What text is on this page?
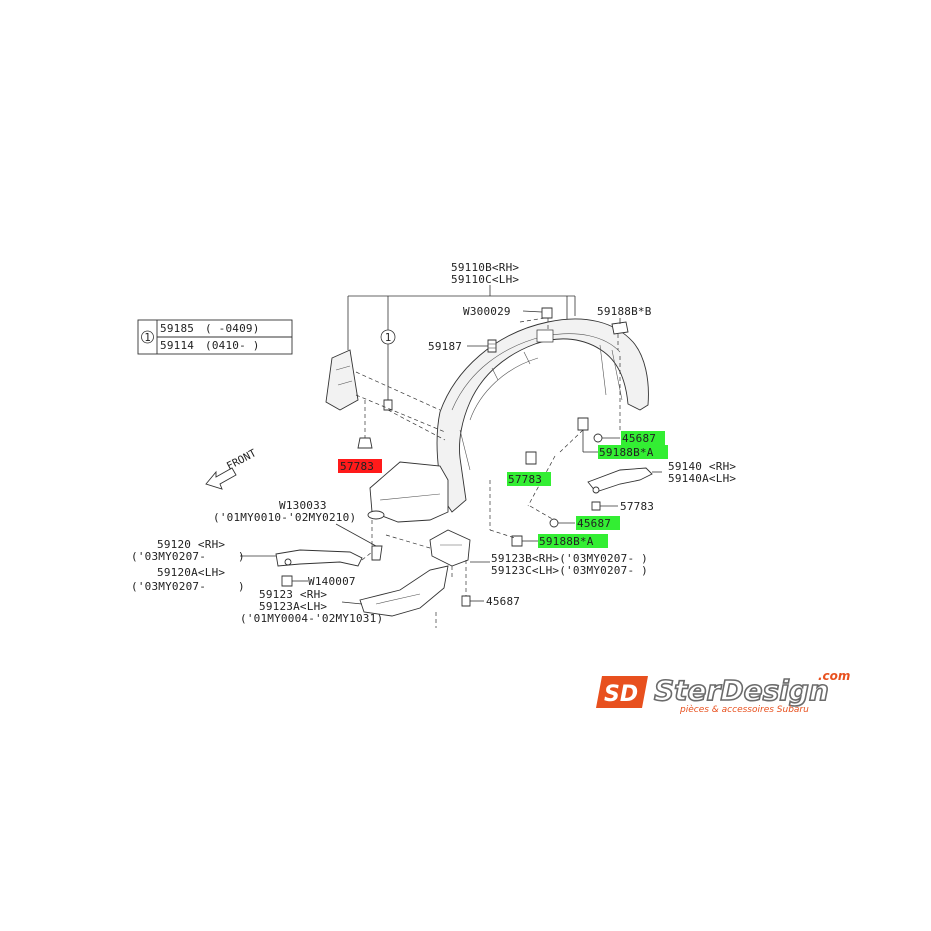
1
59185 ( -0409)
59114 (0410- )
FRONT
59110B<RH>
59110C<LH>
1
W300029	59188B*B
59187
57783
45687
59188B*A
57783
59140 <RH>
59140A<LH>
57783
45687
59188B*A
W130033
('01MY0010-'02MY0210)
59120 <RH>
('03MY0207-	)
59120A<LH>
('03MY0207-	)	W140007
59123B<RH>('03MY0207- )
59123C<LH>('03MY0207- )
45687
59123 <RH>
59123A<LH>
('01MY0004-'02MY1031)
SD SterDesign
.com
pièces & accessoires Subaru
